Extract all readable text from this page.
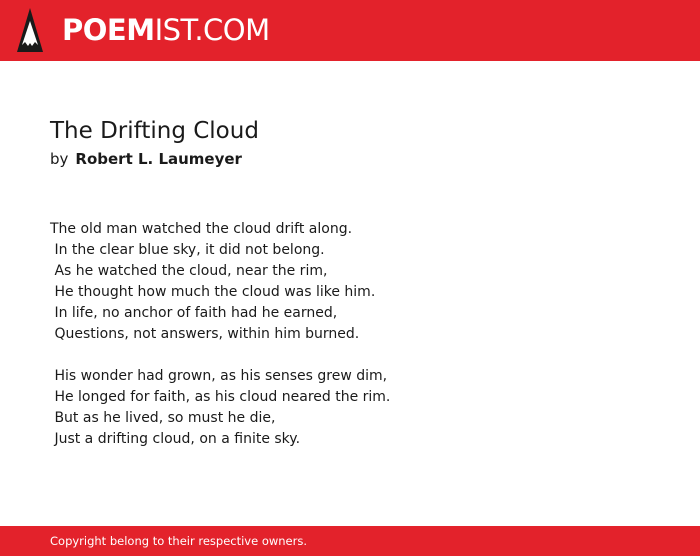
POEMIST.COM
The Drifting Cloud
by Robert L. Laumeyer
The old man watched the cloud drift along.
In the clear blue sky, it did not belong.
As he watched the cloud, near the rim,
He thought how much the cloud was like him.
In life, no anchor of faith had he earned,
Questions, not answers, within him burned.
His wonder had grown, as his senses grew dim,
He longed for faith, as his cloud neared the rim.
But as he lived, so must he die,
Just a drifting cloud, on a finite sky.
Copyright belong to their respective owners.
